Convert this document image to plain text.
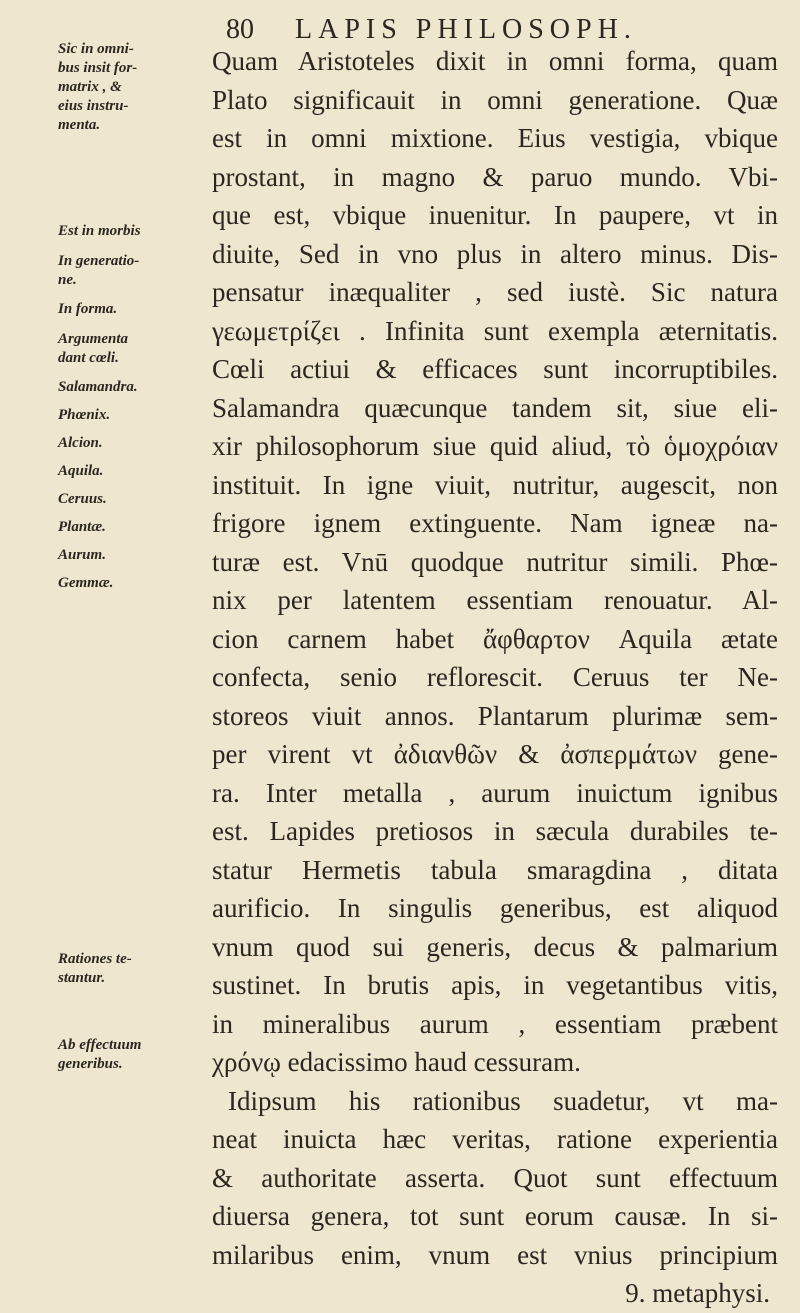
80 LAPIS PHILOSOPH.
Sic in omni-
bus insit for-
matrix , &
eius instru-
menta.
Est in morbis
In generatio-
ne.
In forma.
Argumenta
dant cœli.
Salamandra.
Phœnix.
Alcion.
Aquila.
Ceruus.
Plantæ.
Aurum.
Gemmæ.
Rationes te-
stantur.
Ab effectuum
generibus.
Quam Aristoteles dixit in omni forma, quam
Plato significauit in omni generatione. Quæ
est in omni mixtione. Eius vestigia, vbique
prostant, in magno & paruo mundo. Vbi-
que est, vbique inuenitur. In paupere, vt in
diuite, Sed in vno plus in altero minus. Dis-
pensatur inæqualiter , sed iustè. Sic natura
γεωμετρίζει . Infinita sunt exempla æternitatis.
Cœli actiui & efficaces sunt incorruptibiles.
Salamandra quæcunque tandem sit, siue eli-
xir philosophorum siue quid aliud, τὸ ὁμοχρόιαν
instituit. In igne viuit, nutritur, augescit, non
frigore ignem extinguente. Nam igneæ na-
turæ est. Vnū quodque nutritur simili. Phœ-
nix per latentem essentiam renouatur. Al-
cion carnem habet ἄφθαρτον Aquila ætate
confecta, senio reflorescit. Ceruus ter Ne-
storeos viuit annos. Plantarum plurimæ sem-
per virent vt ἀδιανθῶν & ἀσπερμάτων gene-
ra. Inter metalla , aurum inuictum ignibus
est. Lapides pretiosos in sæcula durabiles te-
statur Hermetis tabula smaragdina , ditata
aurificio. In singulis generibus, est aliquod
vnum quod sui generis, decus & palmarium
sustinet. In brutis apis, in vegetantibus vitis,
in mineralibus aurum , essentiam præbent
χρόνῳ edacissimo haud cessuram.
Idipsum his rationibus suadetur, vt ma-
neat inuicta hæc veritas, ratione experientia
& authoritate asserta. Quot sunt effectuum
diuersa genera, tot sunt eorum causæ. In si-
milaribus enim, vnum est vnius principium
9. metaphysi.
